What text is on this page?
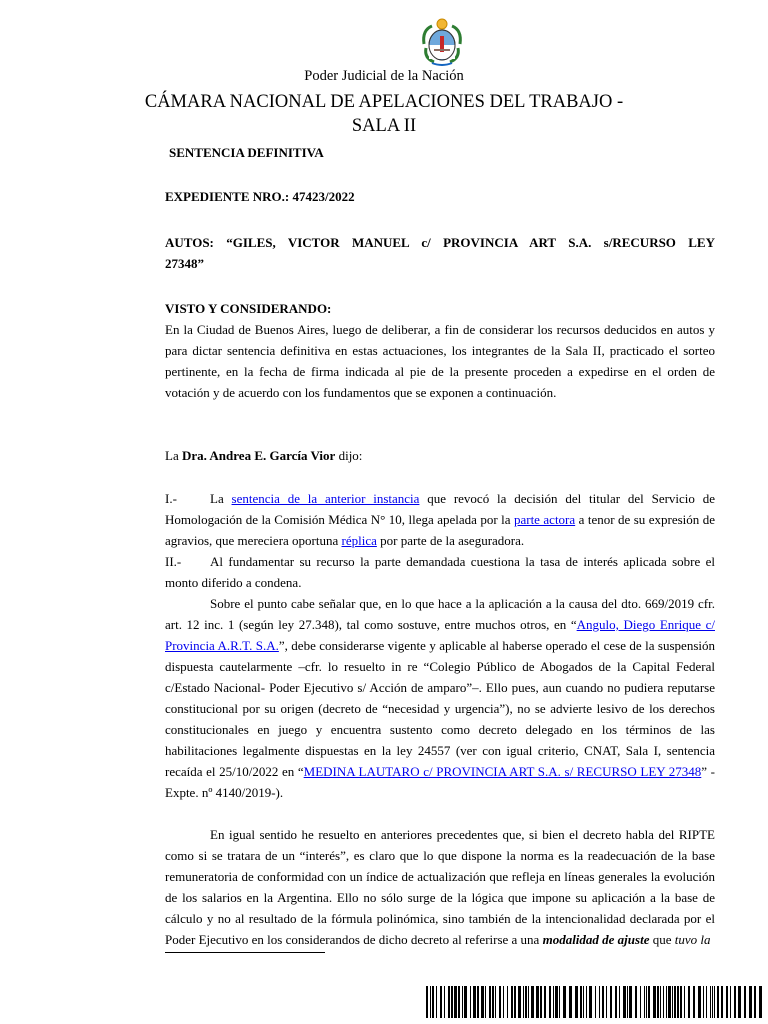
Poder Judicial de la Nación
CÁMARA NACIONAL DE APELACIONES DEL TRABAJO -
SALA II
SENTENCIA DEFINITIVA
EXPEDIENTE NRO.: 47423/2022
AUTOS: “GILES, VICTOR MANUEL c/ PROVINCIA ART S.A. s/RECURSO LEY
27348”
VISTO Y CONSIDERANDO:
En la Ciudad de Buenos Aires, luego de deliberar, a fin de considerar los recursos deducidos en autos y para dictar sentencia definitiva en estas actuaciones, los integrantes de la Sala II, practicado el sorteo pertinente, en la fecha de firma indicada al pie de la presente proceden a expedirse en el orden de votación y de acuerdo con los fundamentos que se exponen a continuación.
La Dra. Andrea E. García Vior dijo:
I.-	La sentencia de la anterior instancia que revocó la decisión del titular del Servicio de Homologación de la Comisión Médica N° 10, llega apelada por la parte actora a tenor de su expresión de agravios, que mereciera oportuna réplica por parte de la aseguradora.
II.- Al fundamentar su recurso la parte demandada cuestiona la tasa de interés aplicada sobre el monto diferido a condena.
Sobre el punto cabe señalar que, en lo que hace a la aplicación a la causa del dto. 669/2019 cfr. art. 12 inc. 1 (según ley 27.348), tal como sostuve, entre muchos otros, en “Angulo, Diego Enrique c/ Provincia A.R.T. S.A.”, debe considerarse vigente y aplicable al haberse operado el cese de la suspensión dispuesta cautelarmente –cfr. lo resuelto in re “Colegio Público de Abogados de la Capital Federal c/Estado Nacional- Poder Ejecutivo s/ Acción de amparo”–. Ello pues, aun cuando no pudiera reputarse constitucional por su origen (decreto de “necesidad y urgencia”), no se advierte lesivo de los derechos constitucionales en juego y encuentra sustento como decreto delegado en los términos de las habilitaciones legalmente dispuestas en la ley 24557 (ver con igual criterio, CNAT, Sala I, sentencia recaída el 25/10/2022 en “MEDINA LAUTARO c/ PROVINCIA ART S.A. s/ RECURSO LEY 27348” - Expte. nº 4140/2019-).
En igual sentido he resuelto en anteriores precedentes que, si bien el decreto habla del RIPTE como si se tratara de un “interés”, es claro que lo que dispone la norma es la readecuación de la base remuneratoria de conformidad con un índice de actualización que refleja en líneas generales la evolución de los salarios en la Argentina. Ello no sólo surge de la lógica que impone su aplicación a la base de cálculo y no al resultado de la fórmula polinómica, sino también de la intencionalidad declarada por el Poder Ejecutivo en los considerandos de dicho decreto al referirse a una modalidad de ajuste que tuvo la
